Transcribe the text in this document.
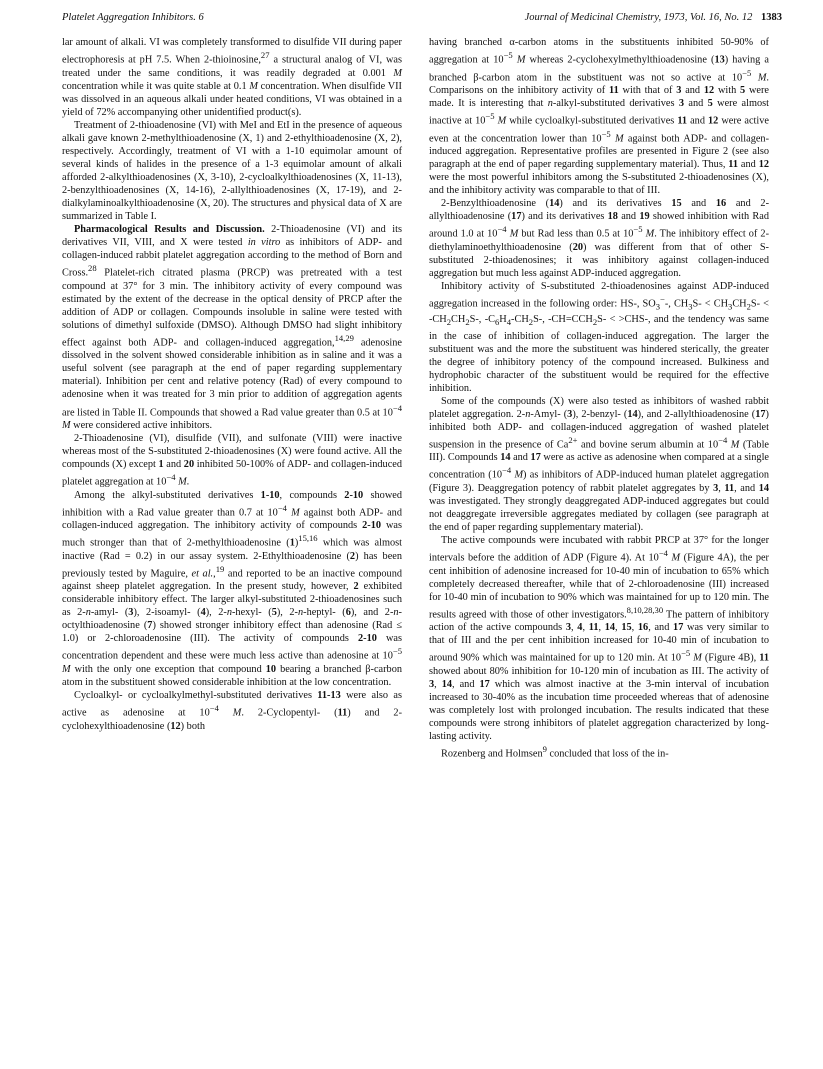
Platelet Aggregation Inhibitors. 6	Journal of Medicinal Chemistry, 1973, Vol. 16, No. 12 1383

lar amount of alkali. VI was completely transformed to disulfide VII during paper electrophoresis at pH 7.5. When 2-thioinosine,$^{27}$ a structural analog of VI, was treated under the same conditions, it was readily degraded at 0.001 M concentration while it was quite stable at 0.1 M concentration. When disulfide VII was dissolved in an aqueous alkali under heated conditions, VI was obtained in a yield of 72% accompanying other unidentified product(s).

Treatment of 2-thioadenosine (VI) with MeI and EtI in the presence of aqueous alkali gave known 2-methylthioadenosine (X, 1) and 2-ethylthioadenosine (X, 2), respectively. Accordingly, treatment of VI with a 1-10 equimolar amount of several kinds of halides in the presence of a 1-3 equimolar amount of alkali afforded 2-alkylthioadenosines (X, 3-10), 2-cycloalkylthioadenosines (X, 11-13), 2-benzylthioadenosines (X, 14-16), 2-allylthioadenosines (X, 17-19), and 2-dialkylaminoalkylthioadenosine (X, 20). The structures and physical data of X are summarized in Table I.

Pharmacological Results and Discussion. 2-Thioadenosine (VI) and its derivatives VII, VIII, and X were tested in vitro as inhibitors of ADP- and collagen-induced rabbit platelet aggregation according to the method of Born and Cross.$^{28}$ Platelet-rich citrated plasma (PRCP) was pretreated with a test compound at 37° for 3 min. The inhibitory activity of every compound was estimated by the extent of the decrease in the optical density of PRCP after the addition of ADP or collagen. Compounds insoluble in saline were tested with solutions of dimethyl sulfoxide (DMSO). Although DMSO had slight inhibitory effect against both ADP- and collagen-induced aggregation,$^{14,29}$ adenosine dissolved in the solvent showed considerable inhibition as in saline and it was a useful solvent (see paragraph at the end of paper regarding supplementary material). Inhibition per cent and relative potency (Rad) of every compound to adenosine when it was treated for 3 min prior to addition of aggregation agents are listed in Table II. Compounds that showed a Rad value greater than 0.5 at $10^{-4}$ M were considered active inhibitors.

2-Thioadenosine (VI), disulfide (VII), and sulfonate (VIII) were inactive whereas most of the S-substituted 2-thioadenosines (X) were found active. All the compounds (X) except 1 and 20 inhibited 50-100% of ADP- and collagen-induced platelet aggregation at $10^{-4}$ M.

Among the alkyl-substituted derivatives 1-10, compounds 2-10 showed inhibition with a Rad value greater than 0.7 at $10^{-4}$ M against both ADP- and collagen-induced aggregation. The inhibitory activity of compounds 2-10 was much stronger than that of 2-methylthioadenosine $(1)^{15,16}$ which was almost inactive (Rad = 0.2) in our assay system. 2-Ethylthioadenosine (2) has been previously tested by Maguire, et al.,$^{19}$ and reported to be an inactive compound against sheep platelet aggregation. In the present study, however, 2 exhibited considerable inhibitory effect. The larger alkyl-substituted 2-thioadenosines such as 2-n-amyl- (3), 2-isoamyl- (4), 2-n-hexyl- (5), 2-n-heptyl- (6), and 2-n-octylthioadenosine (7) showed stronger inhibitory effect than adenosine (Rad ≤ 1.0) or 2-chloroadenosine (III). The activity of compounds 2-10 was concentration dependent and these were much less active than adenosine at $10^{-5}$ M with the only one exception that compound 10 bearing a branched β-carbon atom in the substituent showed considerable inhibition at the low concentration.

Cycloalkyl- or cycloalkylmethyl-substituted derivatives 11-13 were also as active as adenosine at $10^{-4}$ M. 2-Cyclopentyl- (11) and 2-cyclohexylthioadenosine (12) both

having branched α-carbon atoms in the substituents inhibited 50-90% of aggregation at $10^{-5}$ M whereas 2-cyclohexylmethylthioadenosine (13) having a branched β-carbon atom in the substituent was not so active at $10^{-5}$ M. Comparisons on the inhibitory activity of 11 with that of 3 and 12 with 5 were made. It is interesting that n-alkyl-substituted derivatives 3 and 5 were almost inactive at $10^{-5}$ M while cycloalkyl-substituted derivatives 11 and 12 were active even at the concentration lower than $10^{-5}$ M against both ADP- and collagen-induced aggregation. Representative profiles are presented in Figure 2 (see also paragraph at the end of paper regarding supplementary material). Thus, 11 and 12 were the most powerful inhibitors among the S-substituted 2-thioadenosines (X), and the inhibitory activity was comparable to that of III.

2-Benzylthioadenosine (14) and its derivatives 15 and 16 and 2-allylthioadenosine (17) and its derivatives 18 and 19 showed inhibition with Rad around 1.0 at $10^{-4}$ M but Rad less than 0.5 at $10^{-5}$ M. The inhibitory effect of 2-diethylaminoethylthioadenosine (20) was different from that of other S-substituted 2-thioadenosines; it was inhibitory against collagen-induced aggregation but much less against ADP-induced aggregation.

Inhibitory activity of S-substituted 2-thioadenosines against ADP-induced aggregation increased in the following order: HS-, $SO_3^--$, $CH_3S- < CH_3CH_2S- < -CH_2CH_2S-$, $-C_6H_4-CH_2S-$, $-CH=CCH_2S- < >CHS-$, and the tendency was same in the case of inhibition of collagen-induced aggregation. The larger the substituent was and the more the substituent was hindered sterically, the greater the degree of inhibitory potency of the compound increased. Bulkiness and hydrophobic character of the substituent would be required for the effective inhibition.

Some of the compounds (X) were also tested as inhibitors of washed rabbit platelet aggregation. 2-n-Amyl- (3), 2-benzyl- (14), and 2-allylthioadenosine (17) inhibited both ADP- and collagen-induced aggregation of washed platelet suspension in the presence of $Ca^{2+}$ and bovine serum albumin at $10^{-4}$ M (Table III). Compounds 14 and 17 were as active as adenosine when compared at a single concentration ($10^{-4}$ M) as inhibitors of ADP-induced human platelet aggregation (Figure 3). Deaggregation potency of rabbit platelet aggregates by 3, 11, and 14 was investigated. They strongly deaggregated ADP-induced aggregates but could not deaggregate irreversible aggregates mediated by collagen (see paragraph at the end of paper regarding supplementary material).

The active compounds were incubated with rabbit PRCP at 37° for the longer intervals before the addition of ADP (Figure 4). At $10^{-4}$ M (Figure 4A), the per cent inhibition of adenosine increased for 10-40 min of incubation to 65% which completely decreased thereafter, while that of 2-chloroadenosine (III) increased for 10-40 min of incubation to 90% which was maintained for up to 120 min. The results agreed with those of other investigators.$^{8,10,28,30}$ The pattern of inhibitory action of the active compounds 3, 4, 11, 14, 15, 16, and 17 was very similar to that of III and the per cent inhibition increased for 10-40 min of incubation to around 90% which was maintained for up to 120 min. At $10^{-5}$ M (Figure 4B), 11 showed about 80% inhibition for 10-120 min of incubation as III. The activity of 3, 14, and 17 which was almost inactive at the 3-min interval of incubation increased to 30-40% as the incubation time proceeded whereas that of adenosine was completely lost with prolonged incubation. The results indicated that these compounds were strong inhibitors of platelet aggregation characterized by long-lasting activity.

Rozenberg and Holmsen$^9$ concluded that loss of the in-
